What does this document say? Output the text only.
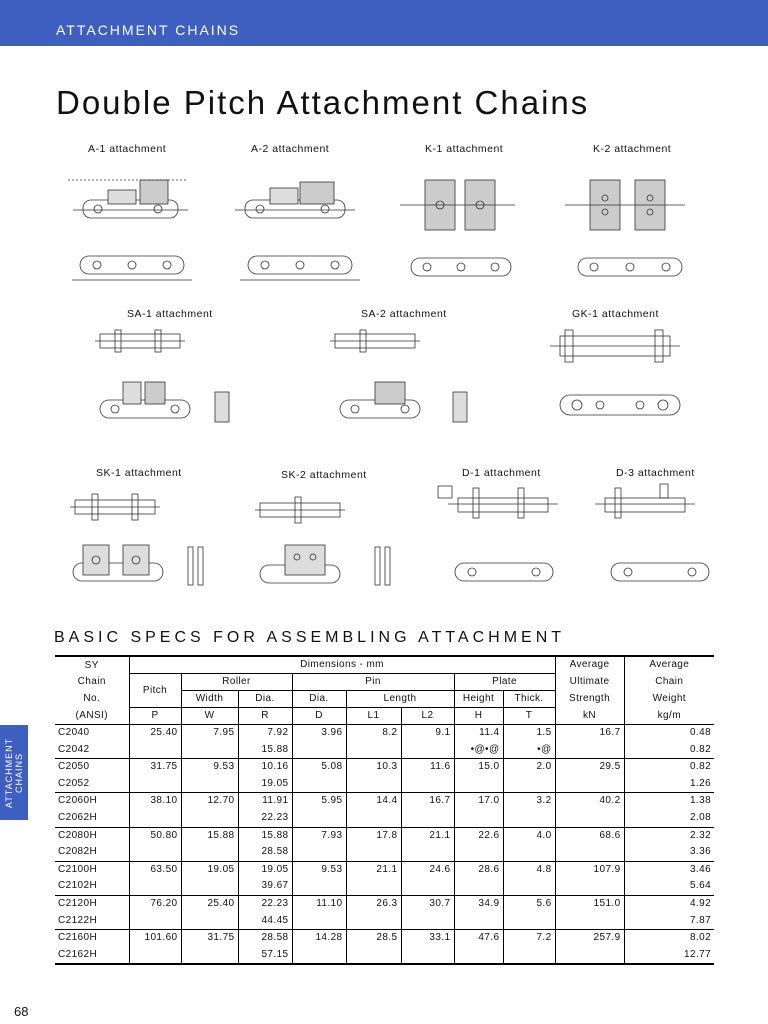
ATTACHMENT CHAINS
Double Pitch Attachment Chains
A-1 attachment	A-2 attachment	K-1 attachment	K-2 attachment
SA-1 attachment	SA-2 attachment	GK-1 attachment
SK-1 attachment	SK-2 attachment	D-1 attachment	D-3 attachment
BASIC SPECS FOR ASSEMBLING ATTACHMENT
ATTACHMENT
CHAINS
SY	Dimensions - mm								Average	Average
Chain	Pitch	Roller		Pin			Plate		Ultimate	Chain
No.		Width	Dia.	Dia.	Length		Height	Thick.	Strength	Weight
(ANSI)	P	W	R	D	L1	L2	H	T	kN	kg/m
C2040	25.40	7.95	7.92	3.96	8.2	9.1	11.4	1.5	16.7	0.48
C2042			15.88				•@•@	•@		0.82
C2050	31.75	9.53	10.16	5.08	10.3	11.6	15.0	2.0	29.5	0.82
C2052			19.05							1.26
C2060H	38.10	12.70	11.91	5.95	14.4	16.7	17.0	3.2	40.2	1.38
C2062H			22.23							2.08
C2080H	50.80	15.88	15.88	7.93	17.8	21.1	22.6	4.0	68.6	2.32
C2082H			28.58							3.36
C2100H	63.50	19.05	19.05	9.53	21.1	24.6	28.6	4.8	107.9	3.46
C2102H			39.67							5.64
C2120H	76.20	25.40	22.23	11.10	26.3	30.7	34.9	5.6	151.0	4.92
C2122H			44.45							7.87
C2160H	101.60	31.75	28.58	14.28	28.5	33.1	47.6	7.2	257.9	8.02
C2162H			57.15							12.77
68
